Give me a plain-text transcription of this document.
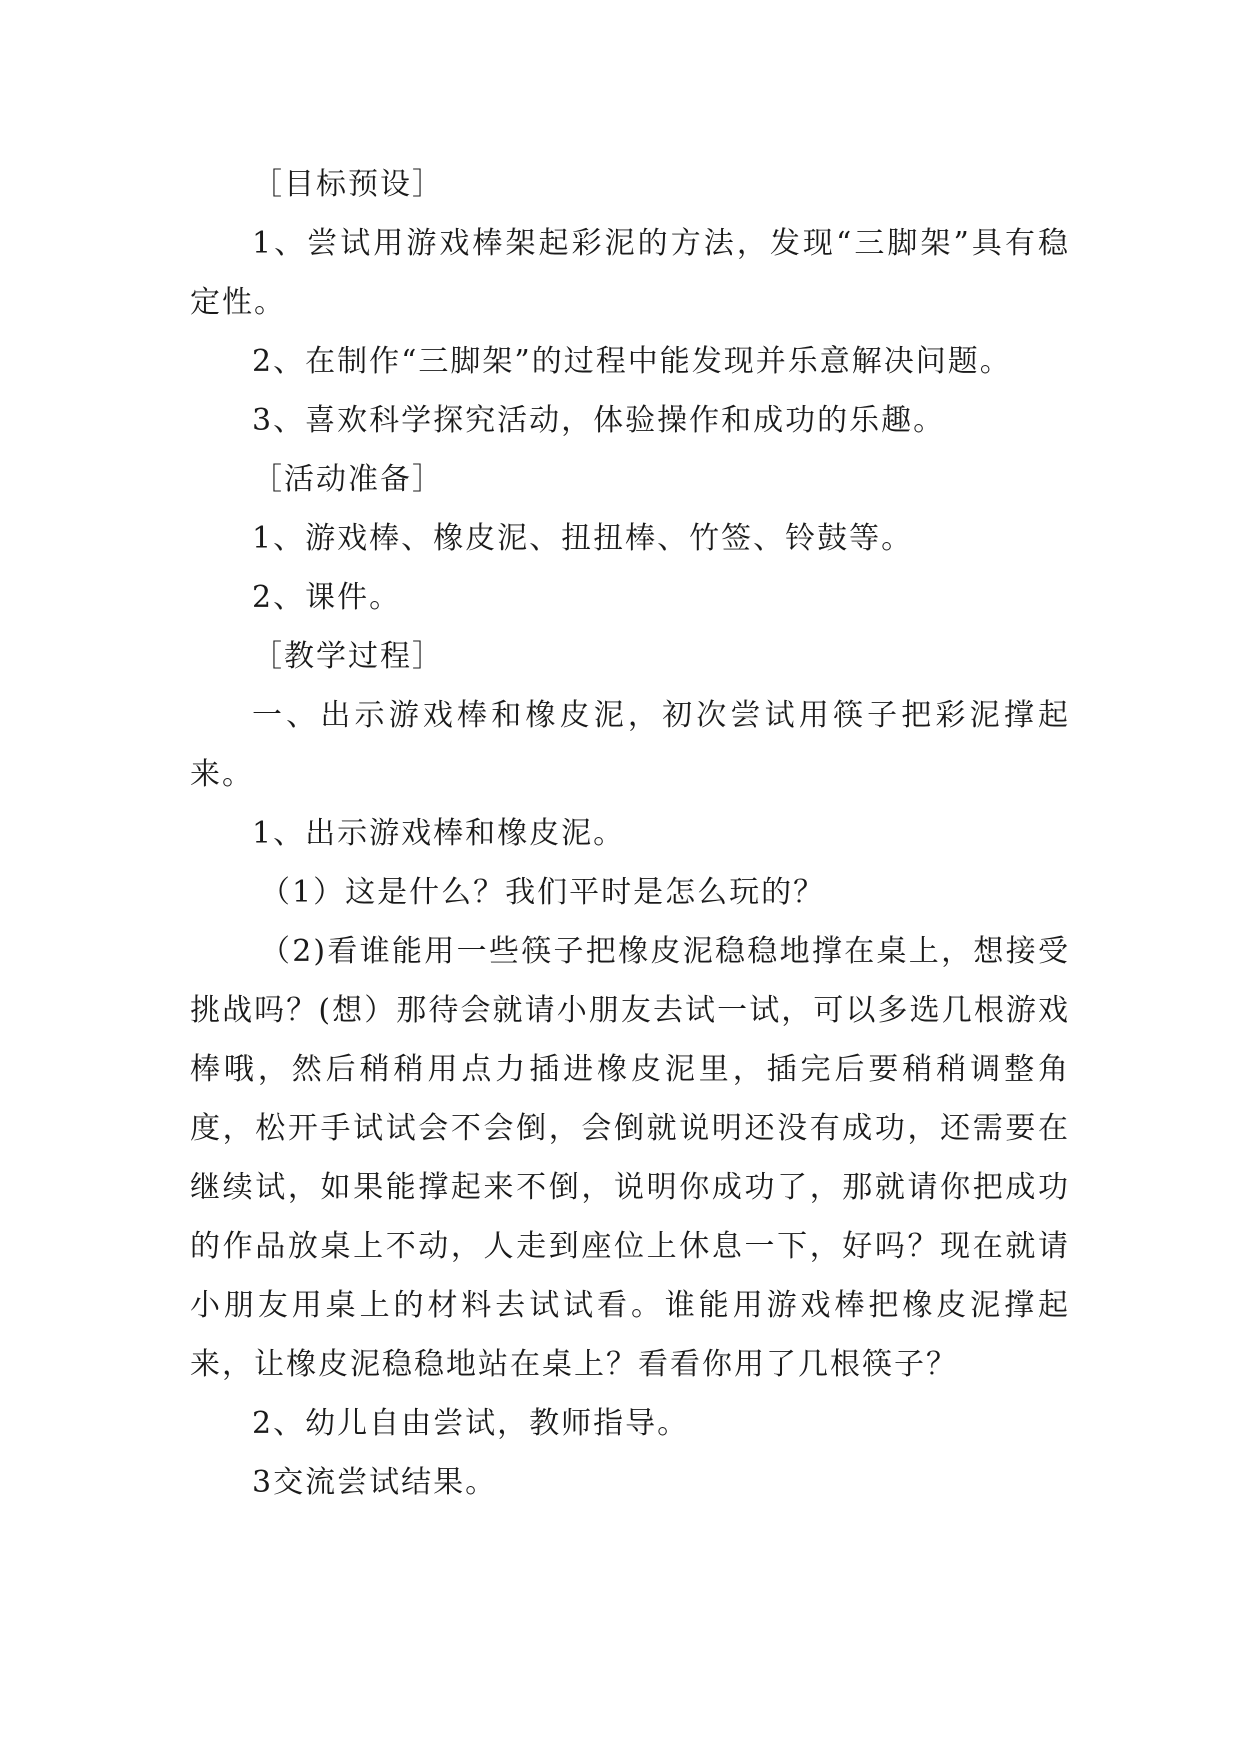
［目标预设］

1、尝试用游戏棒架起彩泥的方法，发现“三脚架”具有稳定性。

2、在制作“三脚架”的过程中能发现并乐意解决问题。

3、喜欢科学探究活动，体验操作和成功的乐趣。

［活动准备］

1、游戏棒、橡皮泥、扭扭棒、竹签、铃鼓等。

2、课件。

［教学过程］

一、出示游戏棒和橡皮泥，初次尝试用筷子把彩泥撑起来。

1、出示游戏棒和橡皮泥。

（1）这是什么？我们平时是怎么玩的？

（2)看谁能用一些筷子把橡皮泥稳稳地撑在桌上，想接受挑战吗？(想）那待会就请小朋友去试一试，可以多选几根游戏棒哦，然后稍稍用点力插进橡皮泥里，插完后要稍稍调整角度，松开手试试会不会倒，会倒就说明还没有成功，还需要在继续试，如果能撑起来不倒，说明你成功了，那就请你把成功的作品放桌上不动，人走到座位上休息一下，好吗？现在就请小朋友用桌上的材料去试试看。谁能用游戏棒把橡皮泥撑起来，让橡皮泥稳稳地站在桌上？看看你用了几根筷子？

2、幼儿自由尝试，教师指导。

3交流尝试结果。
